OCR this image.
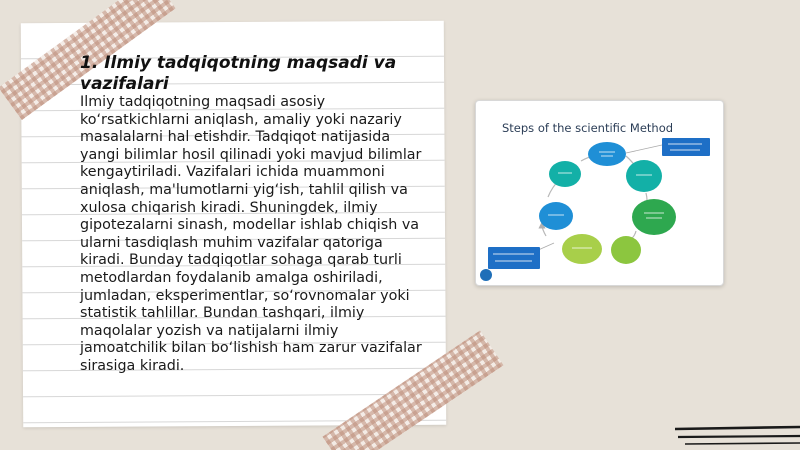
1. Ilmiy tadqiqotning maqsadi va vazifalari

Ilmiy tadqiqotning maqsadi asosiy ko‘rsatkichlarni aniqlash, amaliy yoki nazariy masalalarni hal etishdir. Tadqiqot natijasida yangi bilimlar hosil qilinadi yoki mavjud bilimlar kengaytiriladi. Vazifalari ichida muammoni aniqlash, ma'lumotlarni yig‘ish, tahlil qilish va xulosa chiqarish kiradi. Shuningdek, ilmiy gipotezalarni sinash, modellar ishlab chiqish va ularni tasdiqlash muhim vazifalar qatoriga kiradi. Bunday tadqiqotlar sohaga qarab turli metodlardan foydalanib amalga oshiriladi, jumladan, eksperimentlar, so‘rovnomalar yoki statistik tahlillar. Bundan tashqari, ilmiy maqolalar yozish va natijalarni ilmiy jamoatchilik bilan bo‘lishish ham zarur vazifalar sirasiga kiradi.

Steps of the scientific Method
